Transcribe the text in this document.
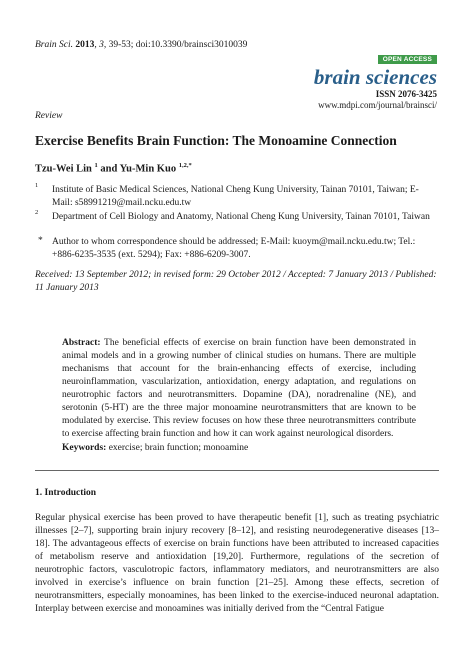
Brain Sci. 2013, 3, 39-53; doi:10.3390/brainsci3010039
OPEN ACCESS
brain sciences
ISSN 2076-3425
www.mdpi.com/journal/brainsci/
Review
Exercise Benefits Brain Function: The Monoamine Connection
Tzu-Wei Lin $^1$ and Yu-Min Kuo $^{1,2,*}$
1 Institute of Basic Medical Sciences, National Cheng Kung University, Tainan 70101, Taiwan; E-Mail: s58991219@mail.ncku.edu.tw
2 Department of Cell Biology and Anatomy, National Cheng Kung University, Tainan 70101, Taiwan
* Author to whom correspondence should be addressed; E-Mail: kuoym@mail.ncku.edu.tw; Tel.: +886-6235-3535 (ext. 5294); Fax: +886-6209-3007.
Received: 13 September 2012; in revised form: 29 October 2012 / Accepted: 7 January 2013 / Published: 11 January 2013
Abstract: The beneficial effects of exercise on brain function have been demonstrated in animal models and in a growing number of clinical studies on humans. There are multiple mechanisms that account for the brain-enhancing effects of exercise, including neuroinflammation, vascularization, antioxidation, energy adaptation, and regulations on neurotrophic factors and neurotransmitters. Dopamine (DA), noradrenaline (NE), and serotonin (5-HT) are the three major monoamine neurotransmitters that are known to be modulated by exercise. This review focuses on how these three neurotransmitters contribute to exercise affecting brain function and how it can work against neurological disorders.
Keywords: exercise; brain function; monoamine
1. Introduction
Regular physical exercise has been proved to have therapeutic benefit [1], such as treating psychiatric illnesses [2–7], supporting brain injury recovery [8–12], and resisting neurodegenerative diseases [13–18]. The advantageous effects of exercise on brain functions have been attributed to increased capacities of metabolism reserve and antioxidation [19,20]. Furthermore, regulations of the secretion of neurotrophic factors, vasculotropic factors, inflammatory mediators, and neurotransmitters are also involved in exercise’s influence on brain function [21–25]. Among these effects, secretion of neurotransmitters, especially monoamines, has been linked to the exercise-induced neuronal adaptation. Interplay between exercise and monoamines was initially derived from the “Central Fatigue
